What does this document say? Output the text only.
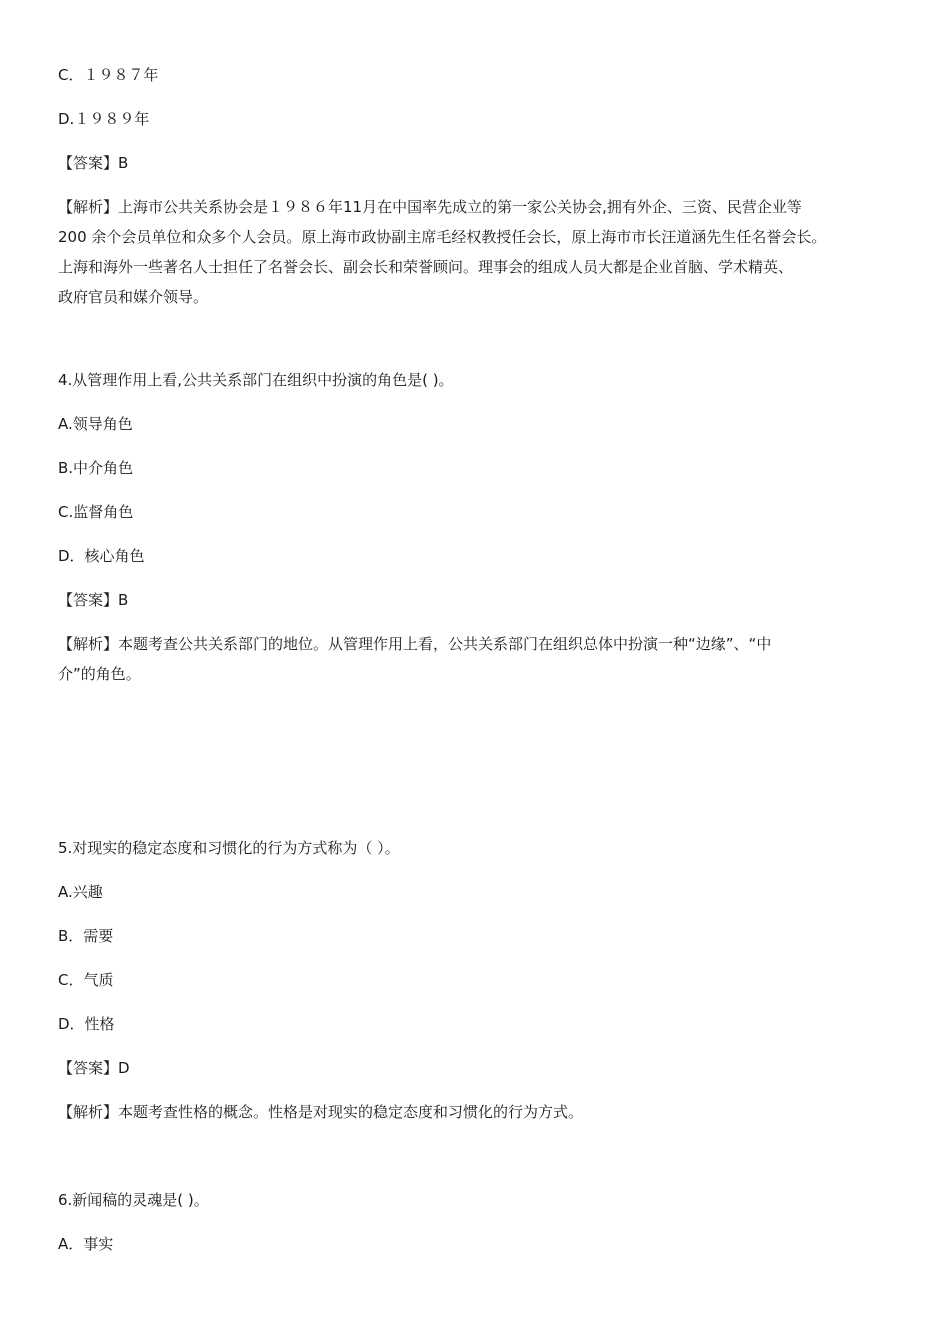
C．１９８７年
D.１９８９年
【答案】B
【解析】上海市公共关系协会是１９８６年11月在中国率先成立的第一家公关协会,拥有外企、三资、民营企业等
200 余个会员单位和众多个人会员。原上海市政协副主席毛经权教授任会长，原上海市市长汪道涵先生任名誉会长。
上海和海外一些著名人士担任了名誉会长、副会长和荣誉顾问。理事会的组成人员大都是企业首脑、学术精英、
政府官员和媒介领导。
4.从管理作用上看,公共关系部门在组织中扮演的角色是( )。
A.领导角色
B.中介角色
C.监督角色
D．核心角色
【答案】B
【解析】本题考查公共关系部门的地位。从管理作用上看，公共关系部门在组织总体中扮演一种“边缘”、“中
介”的角色。
5.对现实的稳定态度和习惯化的行为方式称为（ ）。
A.兴趣
B．需要
C．气质
D．性格
【答案】D
【解析】本题考查性格的概念。性格是对现实的稳定态度和习惯化的行为方式。
6.新闻稿的灵魂是( )。
A．事实
